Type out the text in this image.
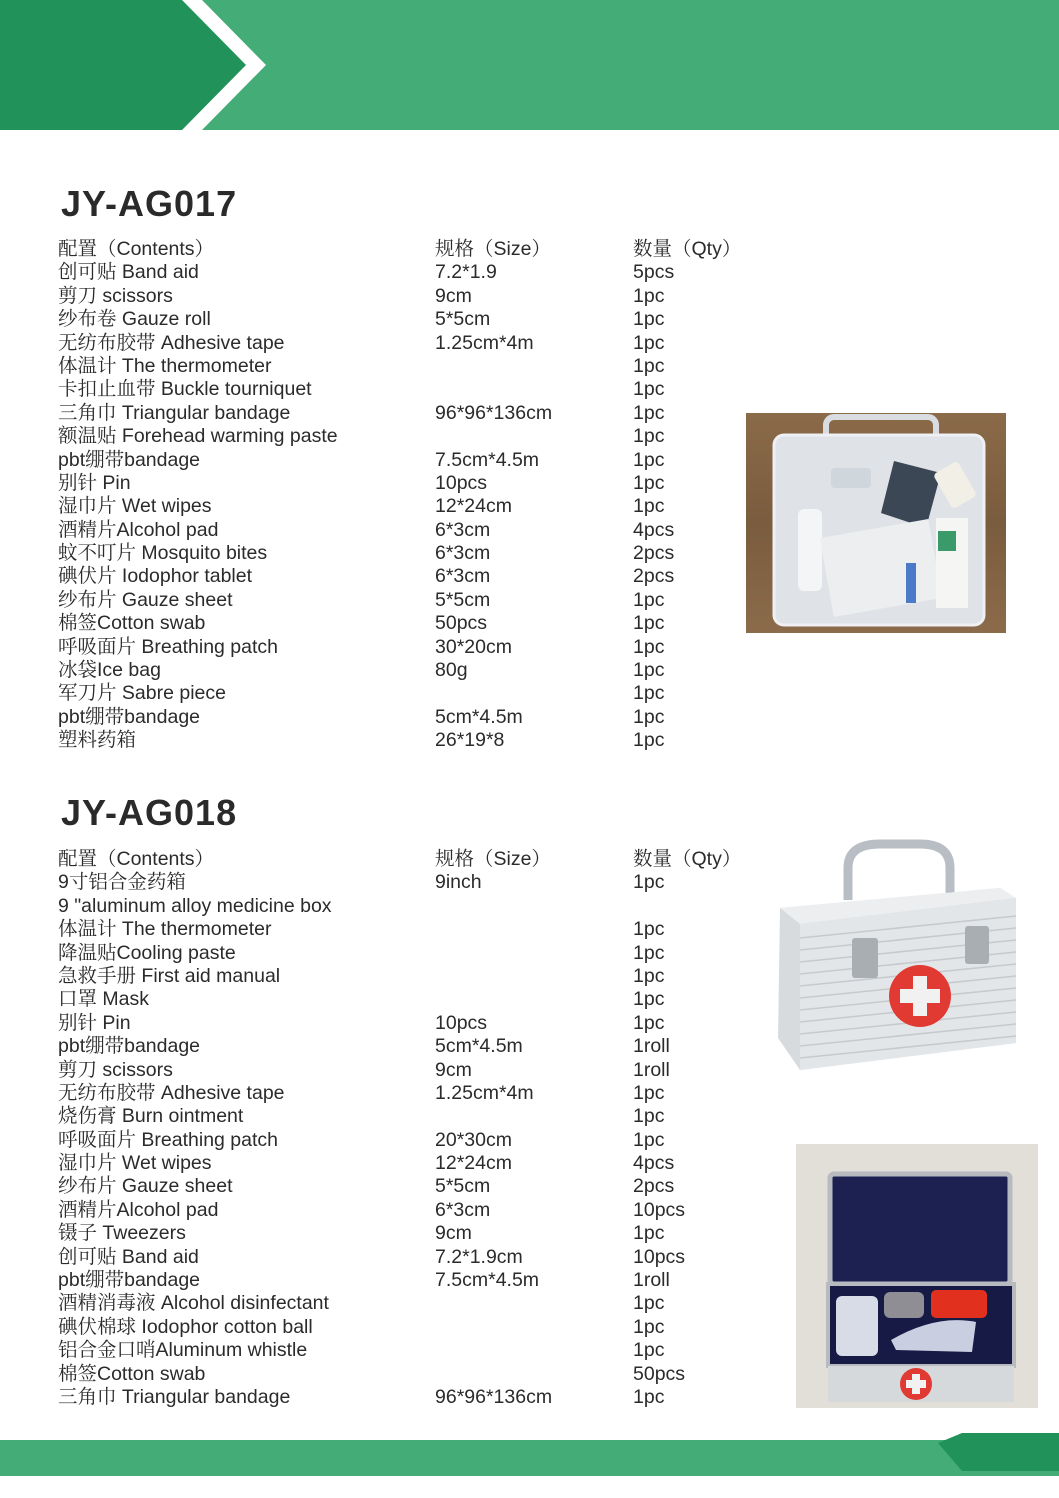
JY-AG017
配置（Contents）	规格（Size）	数量（Qty）
创可贴 Band aid	7.2*1.9	5pcs
剪刀 scissors	9cm	1pc
纱布卷 Gauze roll	5*5cm	1pc
无纺布胶带 Adhesive tape	1.25cm*4m	1pc
体温计 The thermometer	1pc
卡扣止血带 Buckle tourniquet	1pc
三角巾 Triangular bandage	96*96*136cm	1pc
额温贴 Forehead warming paste	1pc
pbt绷带bandage	7.5cm*4.5m	1pc
别针 Pin	10pcs	1pc
湿巾片 Wet wipes	12*24cm	1pc
酒精片Alcohol pad	6*3cm	4pcs
蚊不叮片 Mosquito bites	6*3cm	2pcs
碘伏片 Iodophor tablet	6*3cm	2pcs
纱布片 Gauze sheet	5*5cm	1pc
棉签Cotton swab	50pcs	1pc
呼吸面片 Breathing patch	30*20cm	1pc
冰袋Ice bag	80g	1pc
军刀片 Sabre piece	1pc
pbt绷带bandage	5cm*4.5m	1pc
塑料药箱	26*19*8	1pc
JY-AG018
配置（Contents）	规格（Size）	数量（Qty）
9寸铝合金药箱	9inch	1pc
9 "aluminum alloy medicine box
体温计 The thermometer	1pc
降温贴Cooling paste	1pc
急救手册 First aid manual	1pc
口罩 Mask	1pc
别针 Pin	10pcs	1pc
pbt绷带bandage	5cm*4.5m	1roll
剪刀 scissors	9cm	1roll
无纺布胶带 Adhesive tape	1.25cm*4m	1pc
烧伤膏 Burn ointment	1pc
呼吸面片 Breathing patch	20*30cm	1pc
湿巾片 Wet wipes	12*24cm	4pcs
纱布片 Gauze sheet	5*5cm	2pcs
酒精片Alcohol pad	6*3cm	10pcs
镊子 Tweezers	9cm	1pc
创可贴 Band aid	7.2*1.9cm	10pcs
pbt绷带bandage	7.5cm*4.5m	1roll
酒精消毒液 Alcohol disinfectant	1pc
碘伏棉球 Iodophor cotton ball	1pc
铝合金口哨Aluminum whistle	1pc
棉签Cotton swab	50pcs
三角巾 Triangular bandage	96*96*136cm	1pc
